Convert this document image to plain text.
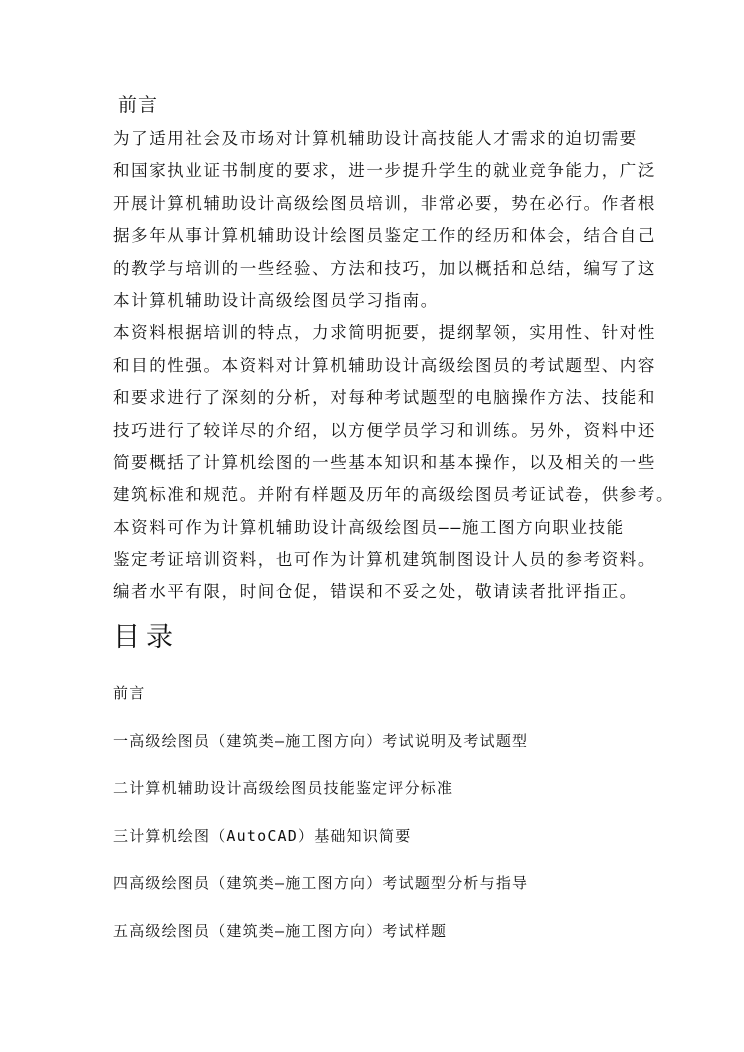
前言
为了适用社会及市场对计算机辅助设计高技能人才需求的迫切需要
和国家执业证书制度的要求，进一步提升学生的就业竞争能力，广泛
开展计算机辅助设计高级绘图员培训，非常必要，势在必行。作者根
据多年从事计算机辅助设计绘图员鉴定工作的经历和体会，结合自己
的教学与培训的一些经验、方法和技巧，加以概括和总结，编写了这
本计算机辅助设计高级绘图员学习指南。
本资料根据培训的特点，力求简明扼要，提纲挈领，实用性、针对性
和目的性强。本资料对计算机辅助设计高级绘图员的考试题型、内容
和要求进行了深刻的分析，对每种考试题型的电脑操作方法、技能和
技巧进行了较详尽的介绍，以方便学员学习和训练。另外，资料中还
简要概括了计算机绘图的一些基本知识和基本操作，以及相关的一些
建筑标准和规范。并附有样题及历年的高级绘图员考证试卷，供参考。
本资料可作为计算机辅助设计高级绘图员——施工图方向职业技能
鉴定考证培训资料，也可作为计算机建筑制图设计人员的参考资料。
编者水平有限，时间仓促，错误和不妥之处，敬请读者批评指正。
目录
前言
一高级绘图员（建筑类—施工图方向）考试说明及考试题型
二计算机辅助设计高级绘图员技能鉴定评分标准
三计算机绘图（AutoCAD）基础知识简要
四高级绘图员（建筑类—施工图方向）考试题型分析与指导
五高级绘图员（建筑类—施工图方向）考试样题
